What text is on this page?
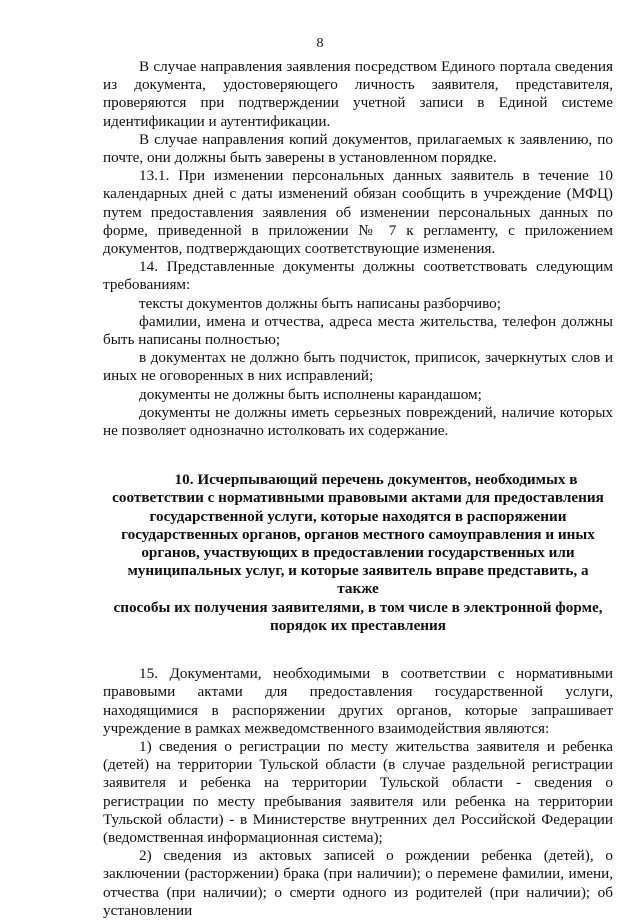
8

В случае направления заявления посредством Единого портала сведения из документа, удостоверяющего личность заявителя, представителя, проверяются при подтверждении учетной записи в Единой системе идентификации и аутентификации.

В случае направления копий документов, прилагаемых к заявлению, по почте, они должны быть заверены в установленном порядке.

13.1. При изменении персональных данных заявитель в течение 10 календарных дней с даты изменений обязан сообщить в учреждение (МФЦ) путем предоставления заявления об изменении персональных данных по форме, приведенной в приложении № 7 к регламенту, с приложением документов, подтверждающих соответствующие изменения.

14. Представленные документы должны соответствовать следующим требованиям:

тексты документов должны быть написаны разборчиво;

фамилии, имена и отчества, адреса места жительства, телефон должны быть написаны полностью;

в документах не должно быть подчисток, приписок, зачеркнутых слов и иных не оговоренных в них исправлений;

документы не должны быть исполнены карандашом;

документы не должны иметь серьезных повреждений, наличие которых не позволяет однозначно истолковать их содержание.

10. Исчерпывающий перечень документов, необходимых в
соответствии с нормативными правовыми актами для предоставления
государственной услуги, которые находятся в распоряжении
государственных органов, органов местного самоуправления и иных
органов, участвующих в предоставлении государственных или
муниципальных услуг, и которые заявитель вправе представить, а также
способы их получения заявителями, в том числе в электронной форме,
порядок их преставления

15. Документами, необходимыми в соответствии с нормативными правовыми актами для предоставления государственной услуги, находящимися в распоряжении других органов, которые запрашивает учреждение в рамках межведомственного взаимодействия являются:

1) сведения о регистрации по месту жительства заявителя и ребенка (детей) на территории Тульской области (в случае раздельной регистрации заявителя и ребенка на территории Тульской области - сведения о регистрации по месту пребывания заявителя или ребенка на территории Тульской области) - в Министерстве внутренних дел Российской Федерации (ведомственная информационная система);

2) сведения из актовых записей о рождении ребенка (детей), о заключении (расторжении) брака (при наличии); о перемене фамилии, имени, отчества (при наличии); о смерти одного из родителей (при наличии); об установлении
